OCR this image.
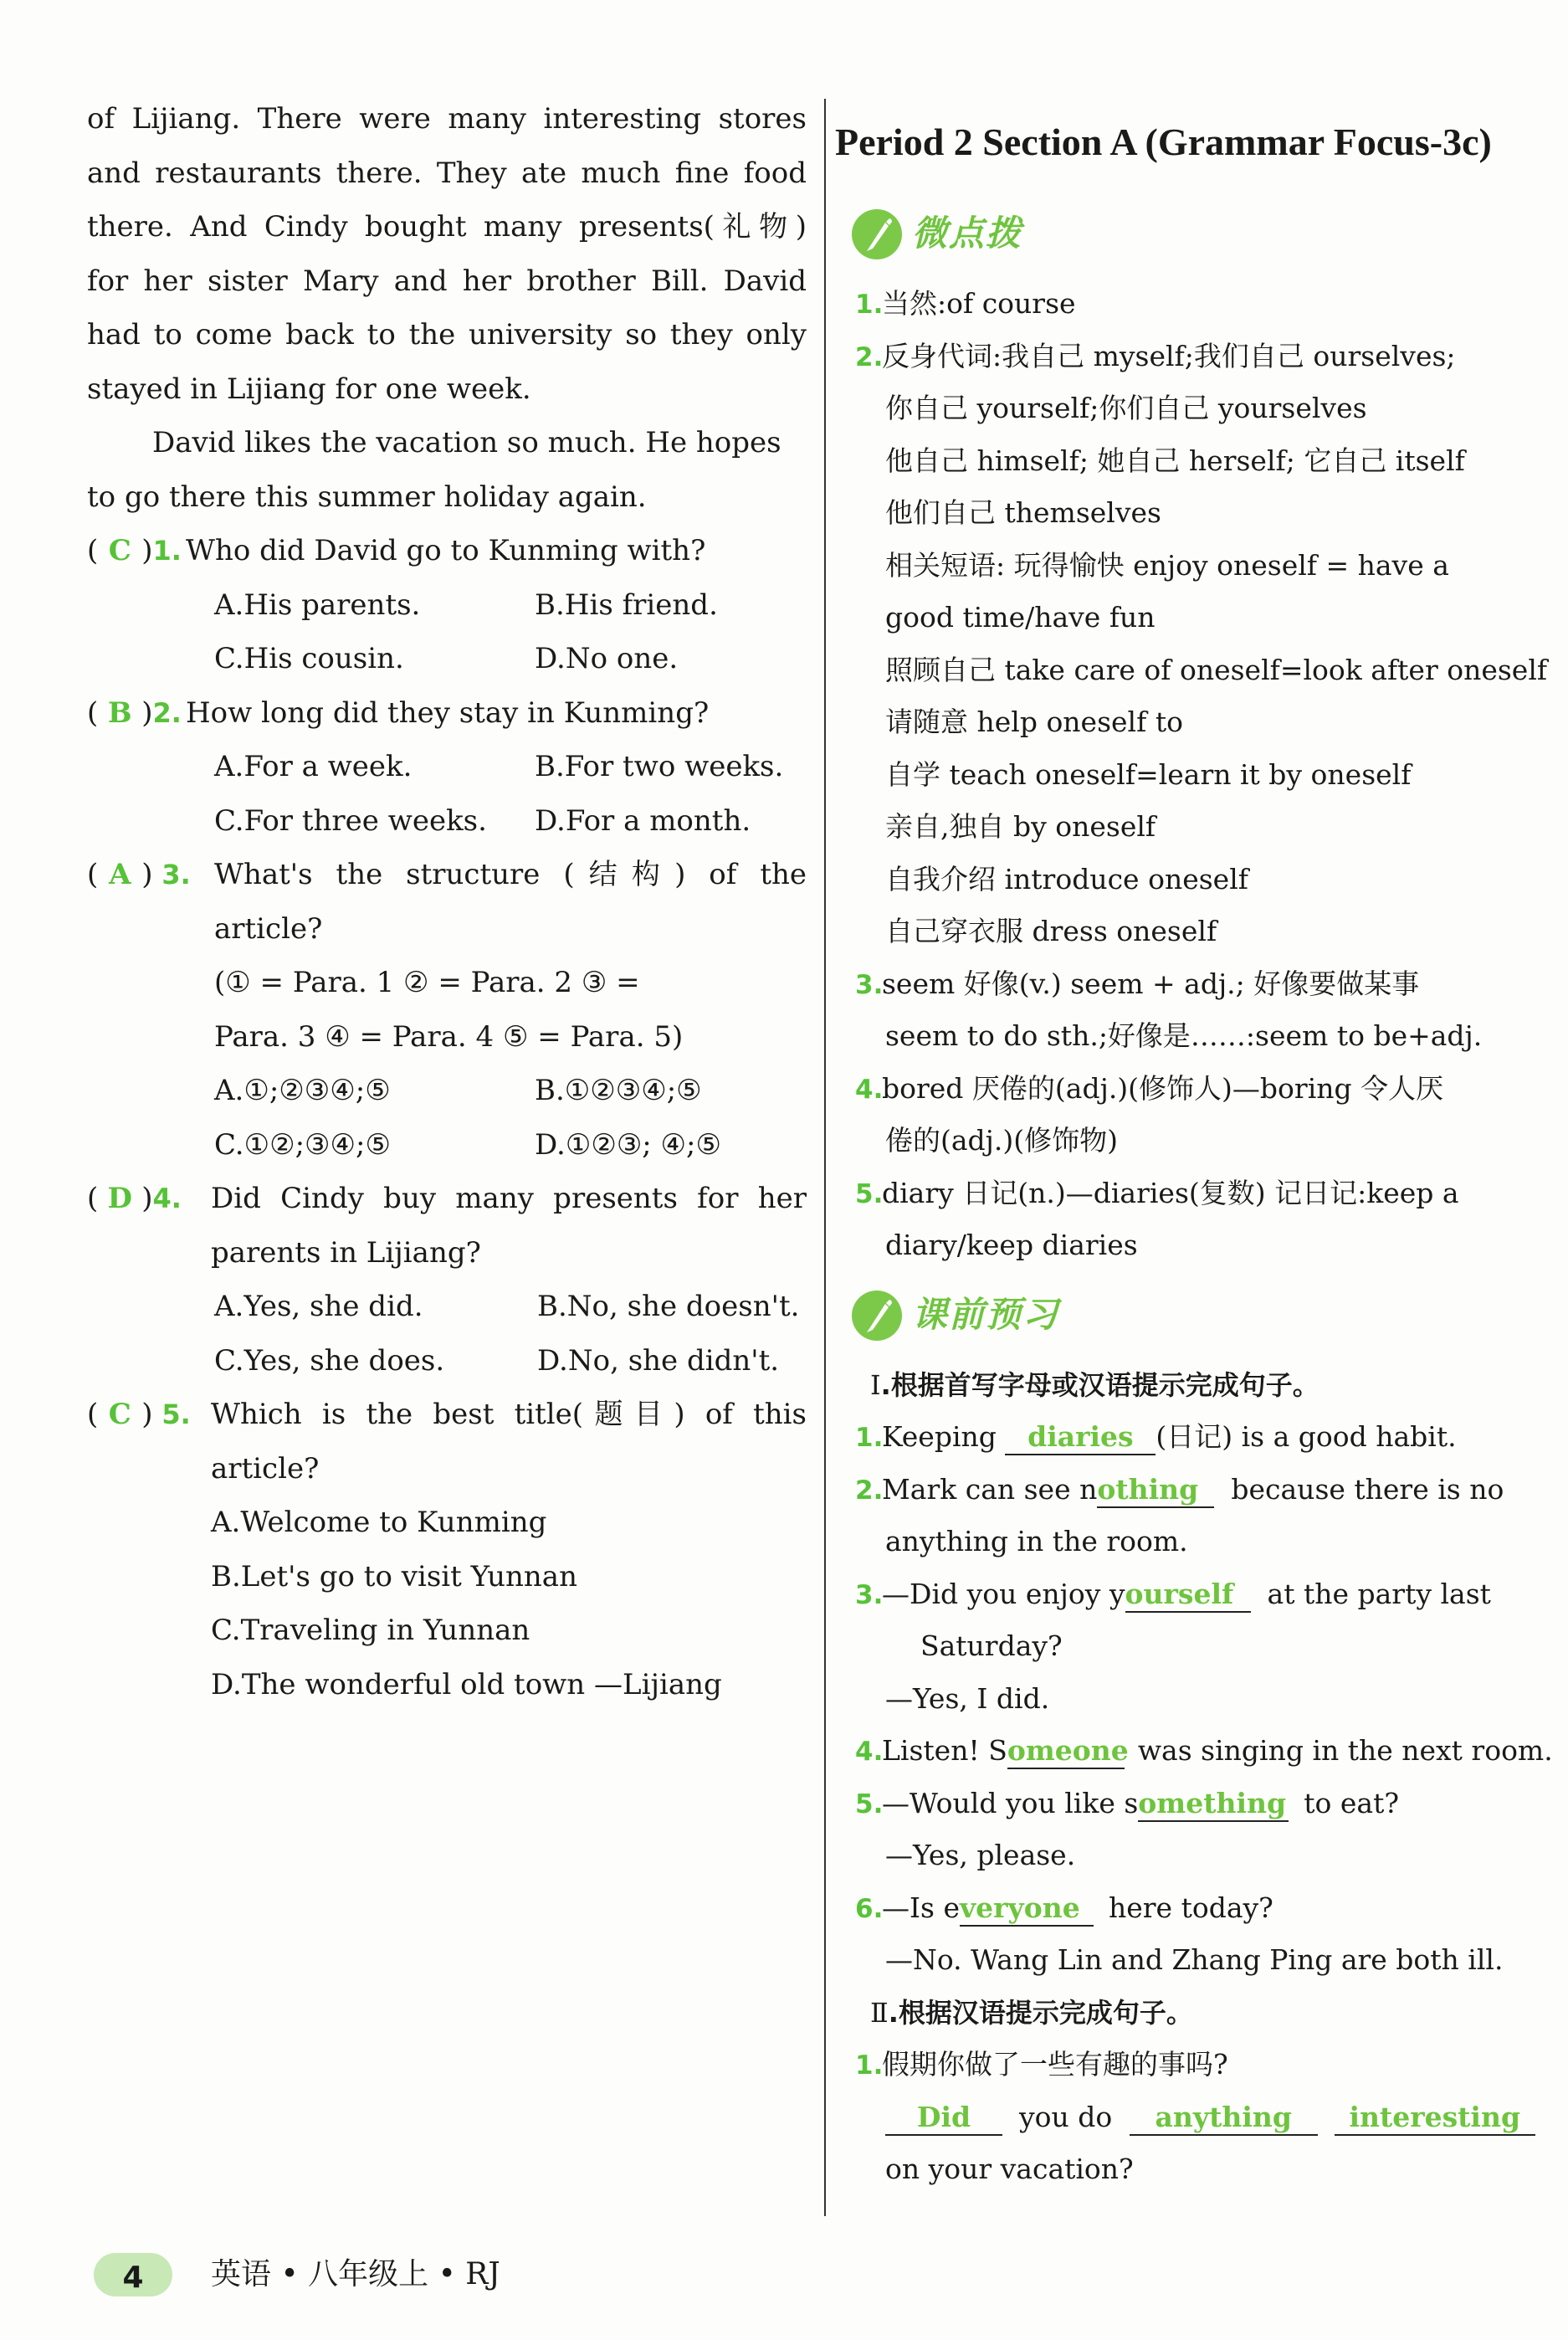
of Lijiang. There were many interesting stores

and restaurants there. They ate much fine food

there. And Cindy bought many presents(礼物)

for her sister Mary and her brother Bill. David

had to come back to the university so they only

stayed in Lijiang for one week.

David likes the vacation so much. He hopes

to go there this summer holiday again.

( C )1. Who did David go to Kunming with?
A.His parents.	B.His friend.
C.His cousin.	D.No one.
( B )2. How long did they stay in Kunming?
A.For a week.	B.For two weeks.
C.For three weeks. D.For a month.
( A ) 3. What's the structure (结构) of the
article?
(① = Para. 1 ② = Para. 2 ③ =
Para. 3 ④ = Para. 4 ⑤ = Para. 5)
A.①;②③④;⑤	B.①②③④;⑤
C.①②;③④;⑤	D.①②③; ④;⑤
( D )4.	Did Cindy buy many presents for her
parents in Lijiang?
A.Yes, she did.	B.No, she doesn't.
C.Yes, she does.	D.No, she didn't.
( C ) 5. Which is the best title(题目) of this
article?
A.Welcome to Kunming
B.Let's go to visit Yunnan
C.Traveling in Yunnan
D.The wonderful old town —Lijiang
Period 2 Section A (Grammar Focus-3c)
微点拨
1.当然:of course
2.反身代词:我自己 myself;我们自己 ourselves;
你自己 yourself;你们自己 yourselves
他自己 himself; 她自己 herself; 它自己 itself
他们自己 themselves
相关短语: 玩得愉快 enjoy oneself = have a
good time/have fun
照顾自己 take care of oneself=look after oneself
请随意 help oneself to
自学 teach oneself=learn it by oneself
亲自,独自 by oneself
自我介绍 introduce oneself
自己穿衣服 dress oneself
3.seem 好像(v.) seem + adj.; 好像要做某事
seem to do sth.;好像是……:seem to be+adj.
4.bored 厌倦的(adj.)(修饰人)—boring 令人厌
倦的(adj.)(修饰物)
5.diary 日记(n.)—diaries(复数) 记日记:keep a
diary/keep diaries
课前预习
Ⅰ.根据首写字母或汉语提示完成句子。
1.Keeping diaries (日记) is a good habit.
2.Mark can see nothing because there is no
anything in the room.
3.—Did you enjoy yourself at the party last
Saturday?
—Yes, I did.
4.Listen! Someone was singing in the next room.
5.—Would you like something to eat?
—Yes, please.
6.—Is everyone here today?
—No. Wang Lin and Zhang Ping are both ill.
Ⅱ.根据汉语提示完成句子。
1.假期你做了一些有趣的事吗?
Did you do anything interesting
on your vacation?
4	英语 • 八年级上 • RJ
